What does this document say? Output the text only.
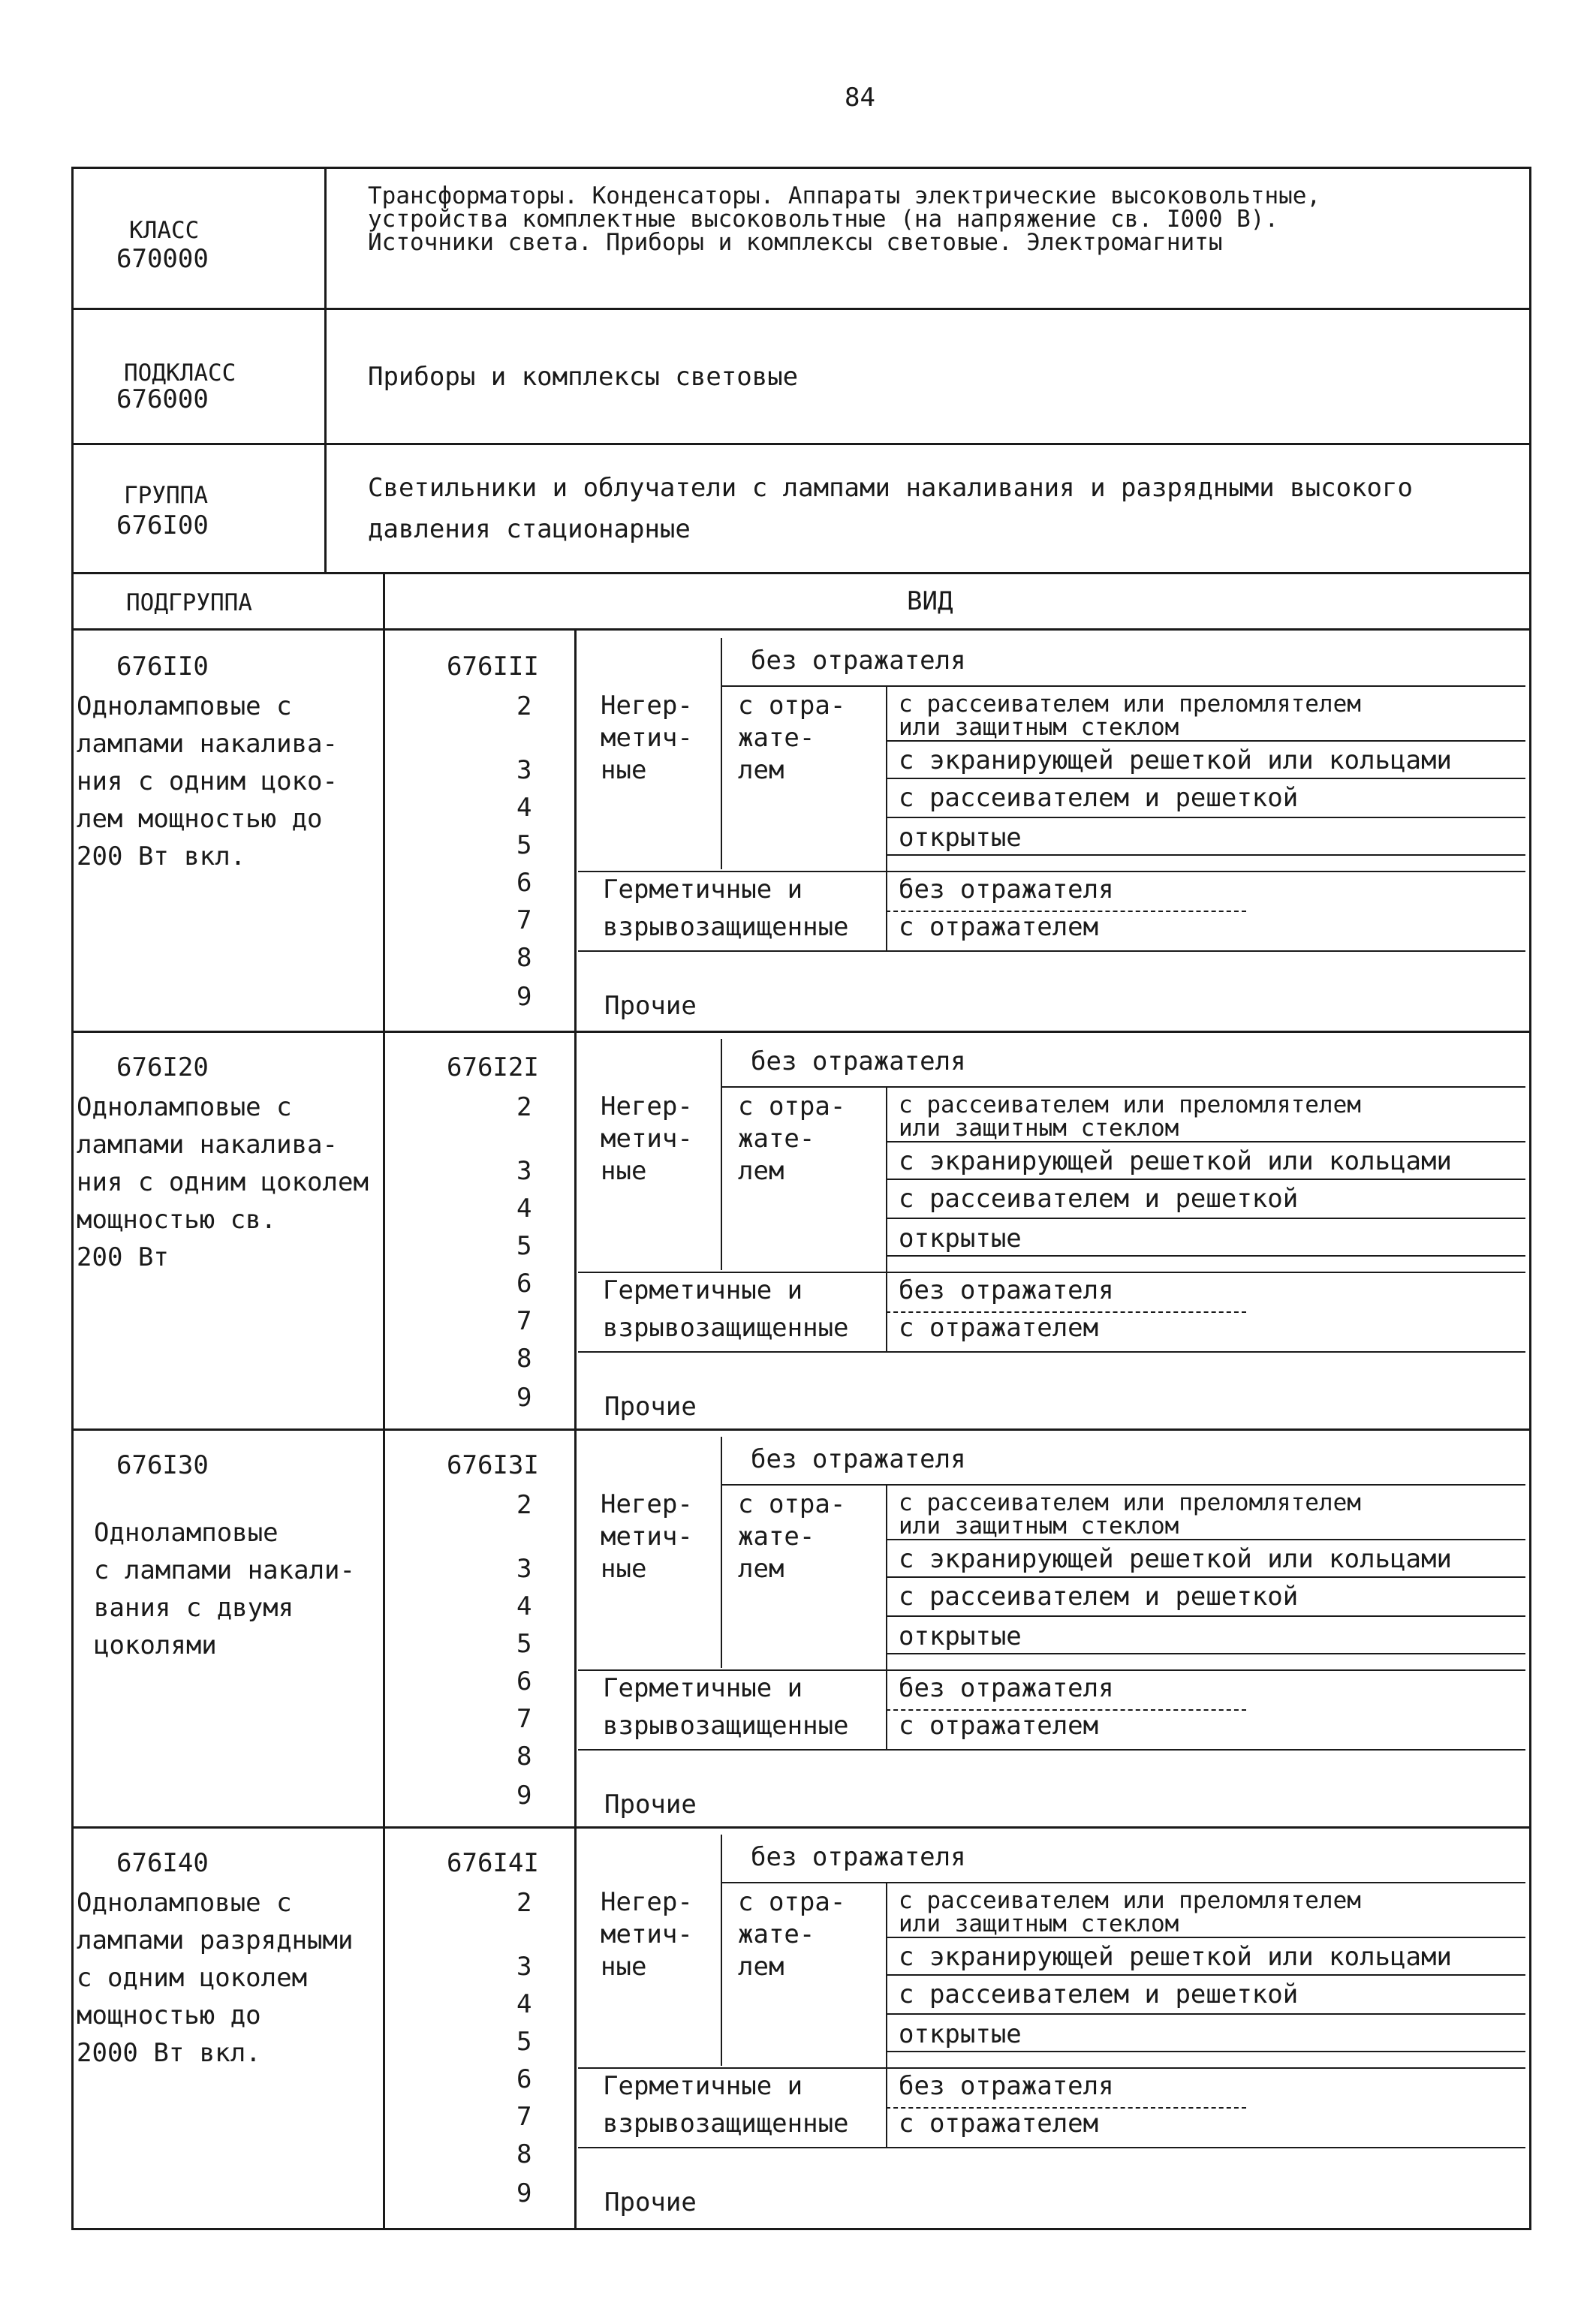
84
КЛАСС
670000
Трансформаторы. Конденсаторы. Аппараты электрические высоковольтные,
устройства комплектные высоковольтные (на напряжение св. I000 В).
Источники света. Приборы и комплексы световые. Электромагниты
ПОДКЛАСС
676000
Приборы и комплексы световые
ГРУППА
676I00
Светильники и облучатели с лампами накаливания и разрядными высокого
давления стационарные
ПОДГРУППА	ВИД
676II0
Одноламповые с
лампами накалива-
ния с одним цоко-
лем мощностью до
200 Вт вкл.
676III
2
3
4
5
6
7
8
9
без отражателя
Негер-
метич-
ные
с отра-
жате-
лем
с рассеивателем или преломлятелем
или защитным стеклом
с экранирующей решеткой или кольцами
с рассеивателем и решеткой
открытые
Герметичные и
взрывозащищенные
без отражателя
с отражателем
Прочие
676I20
Одноламповые с
лампами накалива-
ния с одним цоколем
мощностью св.
200 Вт
676I2I
2
3
4
5
6
7
8
9
без отражателя
Негер-
метич-
ные
с отра-
жате-
лем
с рассеивателем или преломлятелем
или защитным стеклом
с экранирующей решеткой или кольцами
с рассеивателем и решеткой
открытые
Герметичные и
взрывозащищенные
без отражателя
с отражателем
Прочие
676I30
Одноламповые
с лампами накали-
вания с двумя
цоколями
676I3I
2
3
4
5
6
7
8
9
без отражателя
Негер-
метич-
ные
с отра-
жате-
лем
с рассеивателем или преломлятелем
или защитным стеклом
с экранирующей решеткой или кольцами
с рассеивателем и решеткой
открытые
Герметичные и
взрывозащищенные
без отражателя
с отражателем
Прочие
676I40
Одноламповые с
лампами разрядными
с одним цоколем
мощностью до
2000 Вт вкл.
676I4I
2
3
4
5
6
7
8
9
без отражателя
Негер-
метич-
ные
с отра-
жате-
лем
с рассеивателем или преломлятелем
или защитным стеклом
с экранирующей решеткой или кольцами
с рассеивателем и решеткой
открытые
Герметичные и
взрывозащищенные
без отражателя
с отражателем
Прочие
